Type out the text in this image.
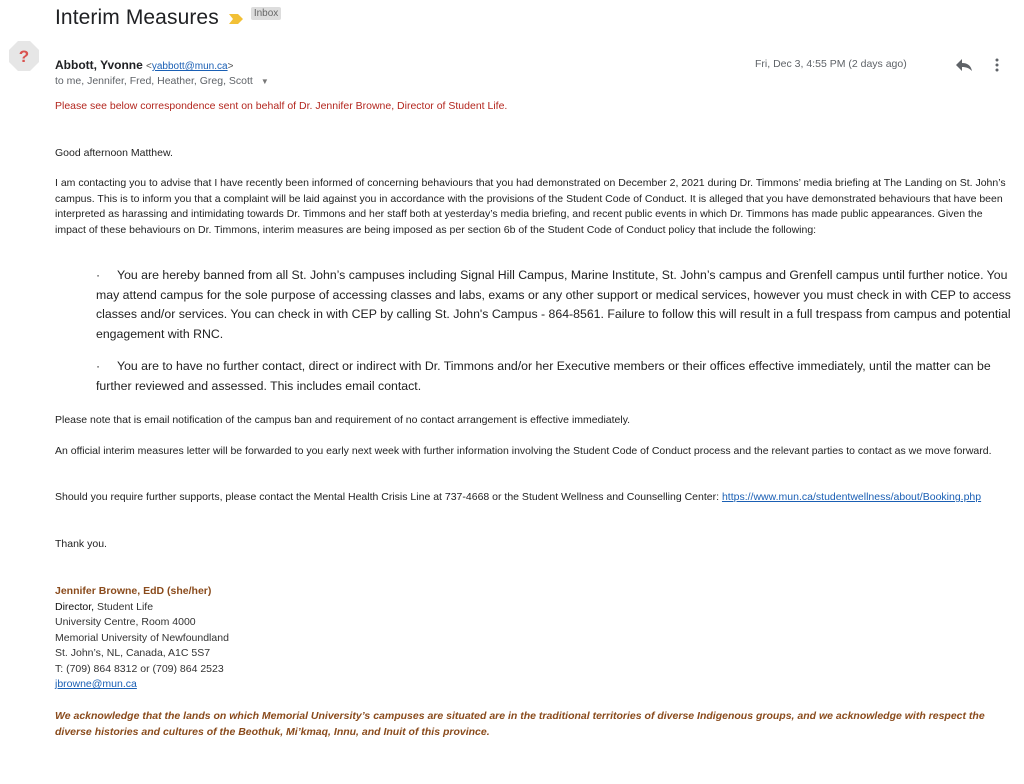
Interim Measures	Inbox
? Abbott, Yvonne <yabbott@mun.ca>
to me, Jennifer, Fred, Heather, Greg, Scott ▼
Fri, Dec 3, 4:55 PM (2 days ago)
Please see below correspondence sent on behalf of Dr. Jennifer Browne, Director of Student Life.
Good afternoon Matthew.
I am contacting you to advise that I have recently been informed of concerning behaviours that you had demonstrated on December 2, 2021 during Dr. Timmons’ media briefing at The Landing on St. John’s campus. This is to inform you that a complaint will be laid against you in accordance with the provisions of the Student Code of Conduct. It is alleged that you have demonstrated behaviours that have been interpreted as harassing and intimidating towards Dr. Timmons and her staff both at yesterday’s media briefing, and recent public events in which Dr. Timmons has made public appearances. Given the impact of these behaviours on Dr. Timmons, interim measures are being imposed as per section 6b of the Student Code of Conduct policy that include the following:
· You are hereby banned from all St. John’s campuses including Signal Hill Campus, Marine Institute, St. John’s campus and Grenfell campus until further notice. You may attend campus for the sole purpose of accessing classes and labs, exams or any other support or medical services, however you must check in with CEP to access classes and/or services. You can check in with CEP by calling St. John's Campus - 864-8561. Failure to follow this will result in a full trespass from campus and potential engagement with RNC.
· You are to have no further contact, direct or indirect with Dr. Timmons and/or her Executive members or their offices effective immediately, until the matter can be further reviewed and assessed. This includes email contact.
Please note that is email notification of the campus ban and requirement of no contact arrangement is effective immediately.
An official interim measures letter will be forwarded to you early next week with further information involving the Student Code of Conduct process and the relevant parties to contact as we move forward.
Should you require further supports, please contact the Mental Health Crisis Line at 737-4668 or the Student Wellness and Counselling Center: https://www.mun.ca/studentwellness/about/Booking.php
Thank you.
Jennifer Browne, EdD (she/her)
Director, Student Life
University Centre, Room 4000
Memorial University of Newfoundland
St. John’s, NL, Canada, A1C 5S7
T: (709) 864 8312 or (709) 864 2523
jbrowne@mun.ca
We acknowledge that the lands on which Memorial University’s campuses are situated are in the traditional territories of diverse Indigenous groups, and we acknowledge with respect the diverse histories and cultures of the Beothuk, Mi’kmaq, Innu, and Inuit of this province.
